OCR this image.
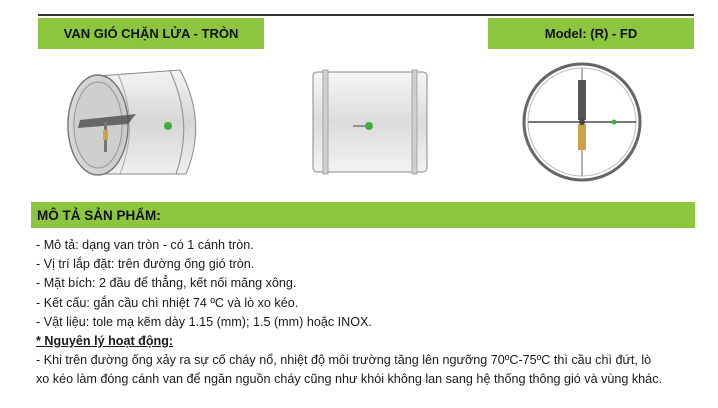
VAN GIÓ CHẶN LỬA - TRÒN	Model: (R) - FD
MÔ TẢ SẢN PHẨM:
- Mô tả: dạng van tròn - có 1 cánh tròn.
- Vị trí lắp đặt: trên đường ống gió tròn.
- Mặt bích: 2 đầu để thẳng, kết nối măng xông.
- Kết cấu: gắn cầu chì nhiệt 74 ºC và lò xo kéo.
- Vật liệu: tole mạ kẽm dày 1.15 (mm); 1.5 (mm) hoặc INOX.
* Nguyên lý hoạt động:
- Khi trên đường ống xảy ra sự cố cháy nổ, nhiệt độ môi trường tăng lên ngưỡng 70ºC-75ºC thì cầu chì đứt, lò
xo kéo làm đóng cánh van để ngăn nguồn cháy cũng như khói không lan sang hệ thống thông gió và vùng khác.
